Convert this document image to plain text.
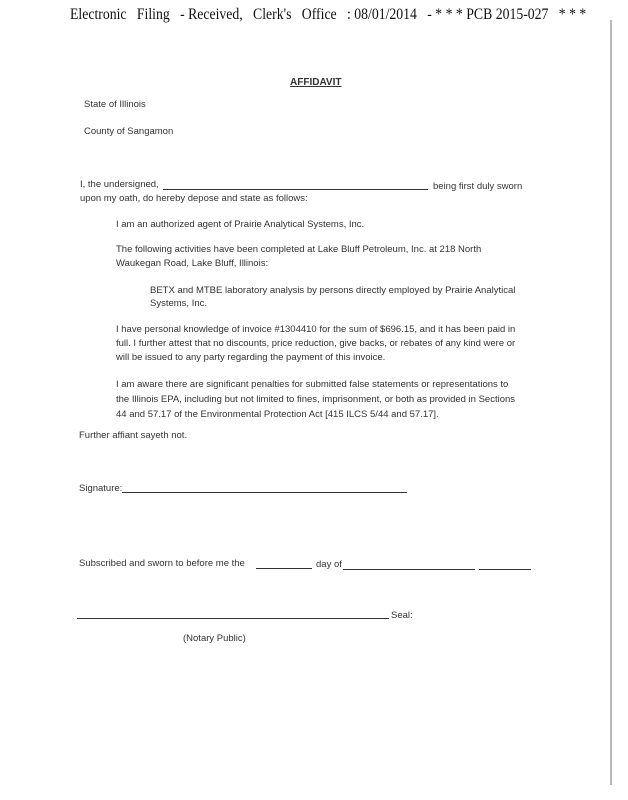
Electronic Filing - Received, Clerk's Office : 08/01/2014 - * * * PCB 2015-027 * * *
AFFIDAVIT
State of Illinois
County of Sangamon
I, the undersigned,	being first duly sworn
upon my oath, do hereby depose and state as follows:
I am an authorized agent of Prairie Analytical Systems, Inc.
The following activities have been completed at Lake Bluff Petroleum, Inc. at 218 North
Waukegan Road, Lake Bluff, Illinois:
BETX and MTBE laboratory analysis by persons directly employed by Prairie Analytical
Systems, Inc.
I have personal knowledge of invoice #1304410 for the sum of $696.15, and it has been paid in
full. I further attest that no discounts, price reduction, give backs, or rebates of any kind were or
will be issued to any party regarding the payment of this invoice.
I am aware there are significant penalties for submitted false statements or representations to
the Illinois EPA, including but not limited to fines, imprisonment, or both as provided in Sections
44 and 57.17 of the Environmental Protection Act [415 ILCS 5/44 and 57.17].
Further affiant sayeth not.
Signature:
Subscribed and sworn to before me the	day of
Seal:
(Notary Public)
